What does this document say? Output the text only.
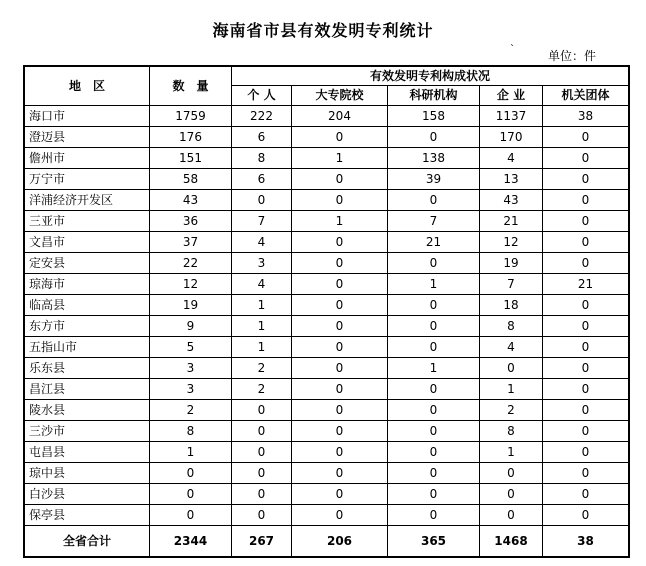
海南省市县有效发明专利统计
`	单位：件
地　区	数　量	有效发明专利构成状况				
		个 人	大专院校	科研机构	企 业	机关团体
海口市	1759	222	204	158	1137	38
澄迈县	176	6	0	0	170	0
儋州市	151	8	1	138	4	0
万宁市	58	6	0	39	13	0
洋浦经济开发区	43	0	0	0	43	0
三亚市	36	7	1	7	21	0
文昌市	37	4	0	21	12	0
定安县	22	3	0	0	19	0
琼海市	12	4	0	1	7	21
临高县	19	1	0	0	18	0
东方市	9	1	0	0	8	0
五指山市	5	1	0	0	4	0
乐东县	3	2	0	1	0	0
昌江县	3	2	0	0	1	0
陵水县	2	0	0	0	2	0
三沙市	8	0	0	0	8	0
屯昌县	1	0	0	0	1	0
琼中县	0	0	0	0	0	0
白沙县	0	0	0	0	0	0
保亭县	0	0	0	0	0	0
全省合计	2344	267	206	365	1468	38
